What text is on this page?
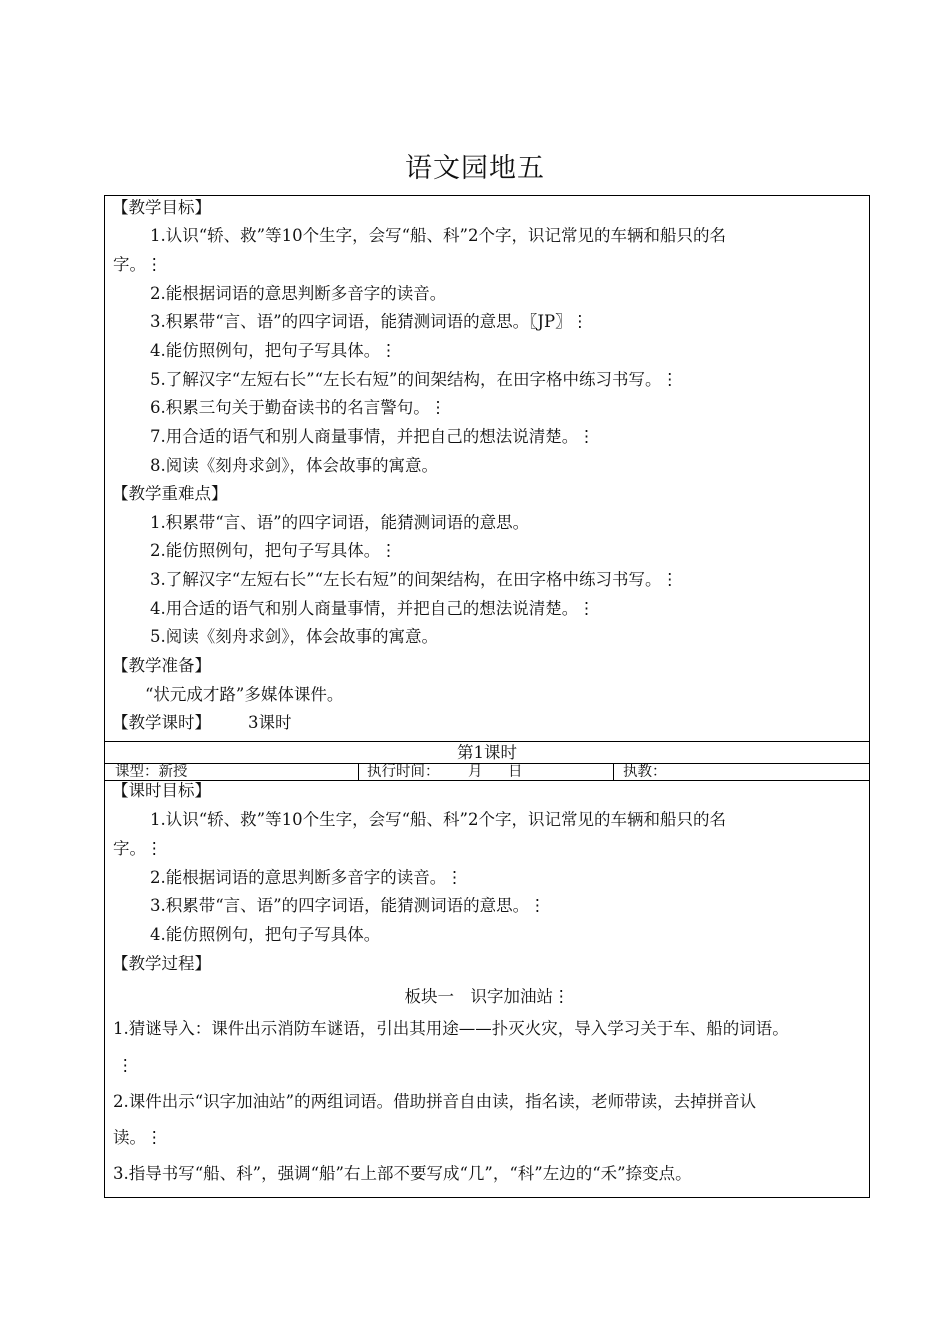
语文园地五
【教学目标】
1.认识“轿、救”等10个生字，会写“船、科”2个字，识记常见的车辆和船只的名
字。⋮
2.能根据词语的意思判断多音字的读音。
3.积累带“言、语”的四字词语，能猜测词语的意思。〖JP〗⋮
4.能仿照例句，把句子写具体。⋮
5.了解汉字“左短右长”“左长右短”的间架结构，在田字格中练习书写。⋮
6.积累三句关于勤奋读书的名言警句。⋮
7.用合适的语气和别人商量事情，并把自己的想法说清楚。⋮
8.阅读《刻舟求剑》，体会故事的寓意。
【教学重难点】
1.积累带“言、语”的四字词语，能猜测词语的意思。
2.能仿照例句，把句子写具体。⋮
3.了解汉字“左短右长”“左长右短”的间架结构，在田字格中练习书写。⋮
4.用合适的语气和别人商量事情，并把自己的想法说清楚。⋮
5.阅读《刻舟求剑》，体会故事的寓意。
【教学准备】
“状元成才路”多媒体课件。
【教学课时】 3课时
第1课时
课型：新授	执行时间： 月 日	执教：
【课时目标】
1.认识“轿、救”等10个生字，会写“船、科”2个字，识记常见的车辆和船只的名
字。⋮
2.能根据词语的意思判断多音字的读音。⋮
3.积累带“言、语”的四字词语，能猜测词语的意思。⋮
4.能仿照例句，把句子写具体。
【教学过程】
板块一　识字加油站⋮
1.猜谜导入：课件出示消防车谜语，引出其用途——扑灭火灾，导入学习关于车、船的词语。
⋮
2.课件出示“识字加油站”的两组词语。借助拼音自由读，指名读，老师带读，去掉拼音认
读。⋮
3.指导书写“船、科”，强调“船”右上部不要写成“几”，“科”左边的“禾”捺变点。
